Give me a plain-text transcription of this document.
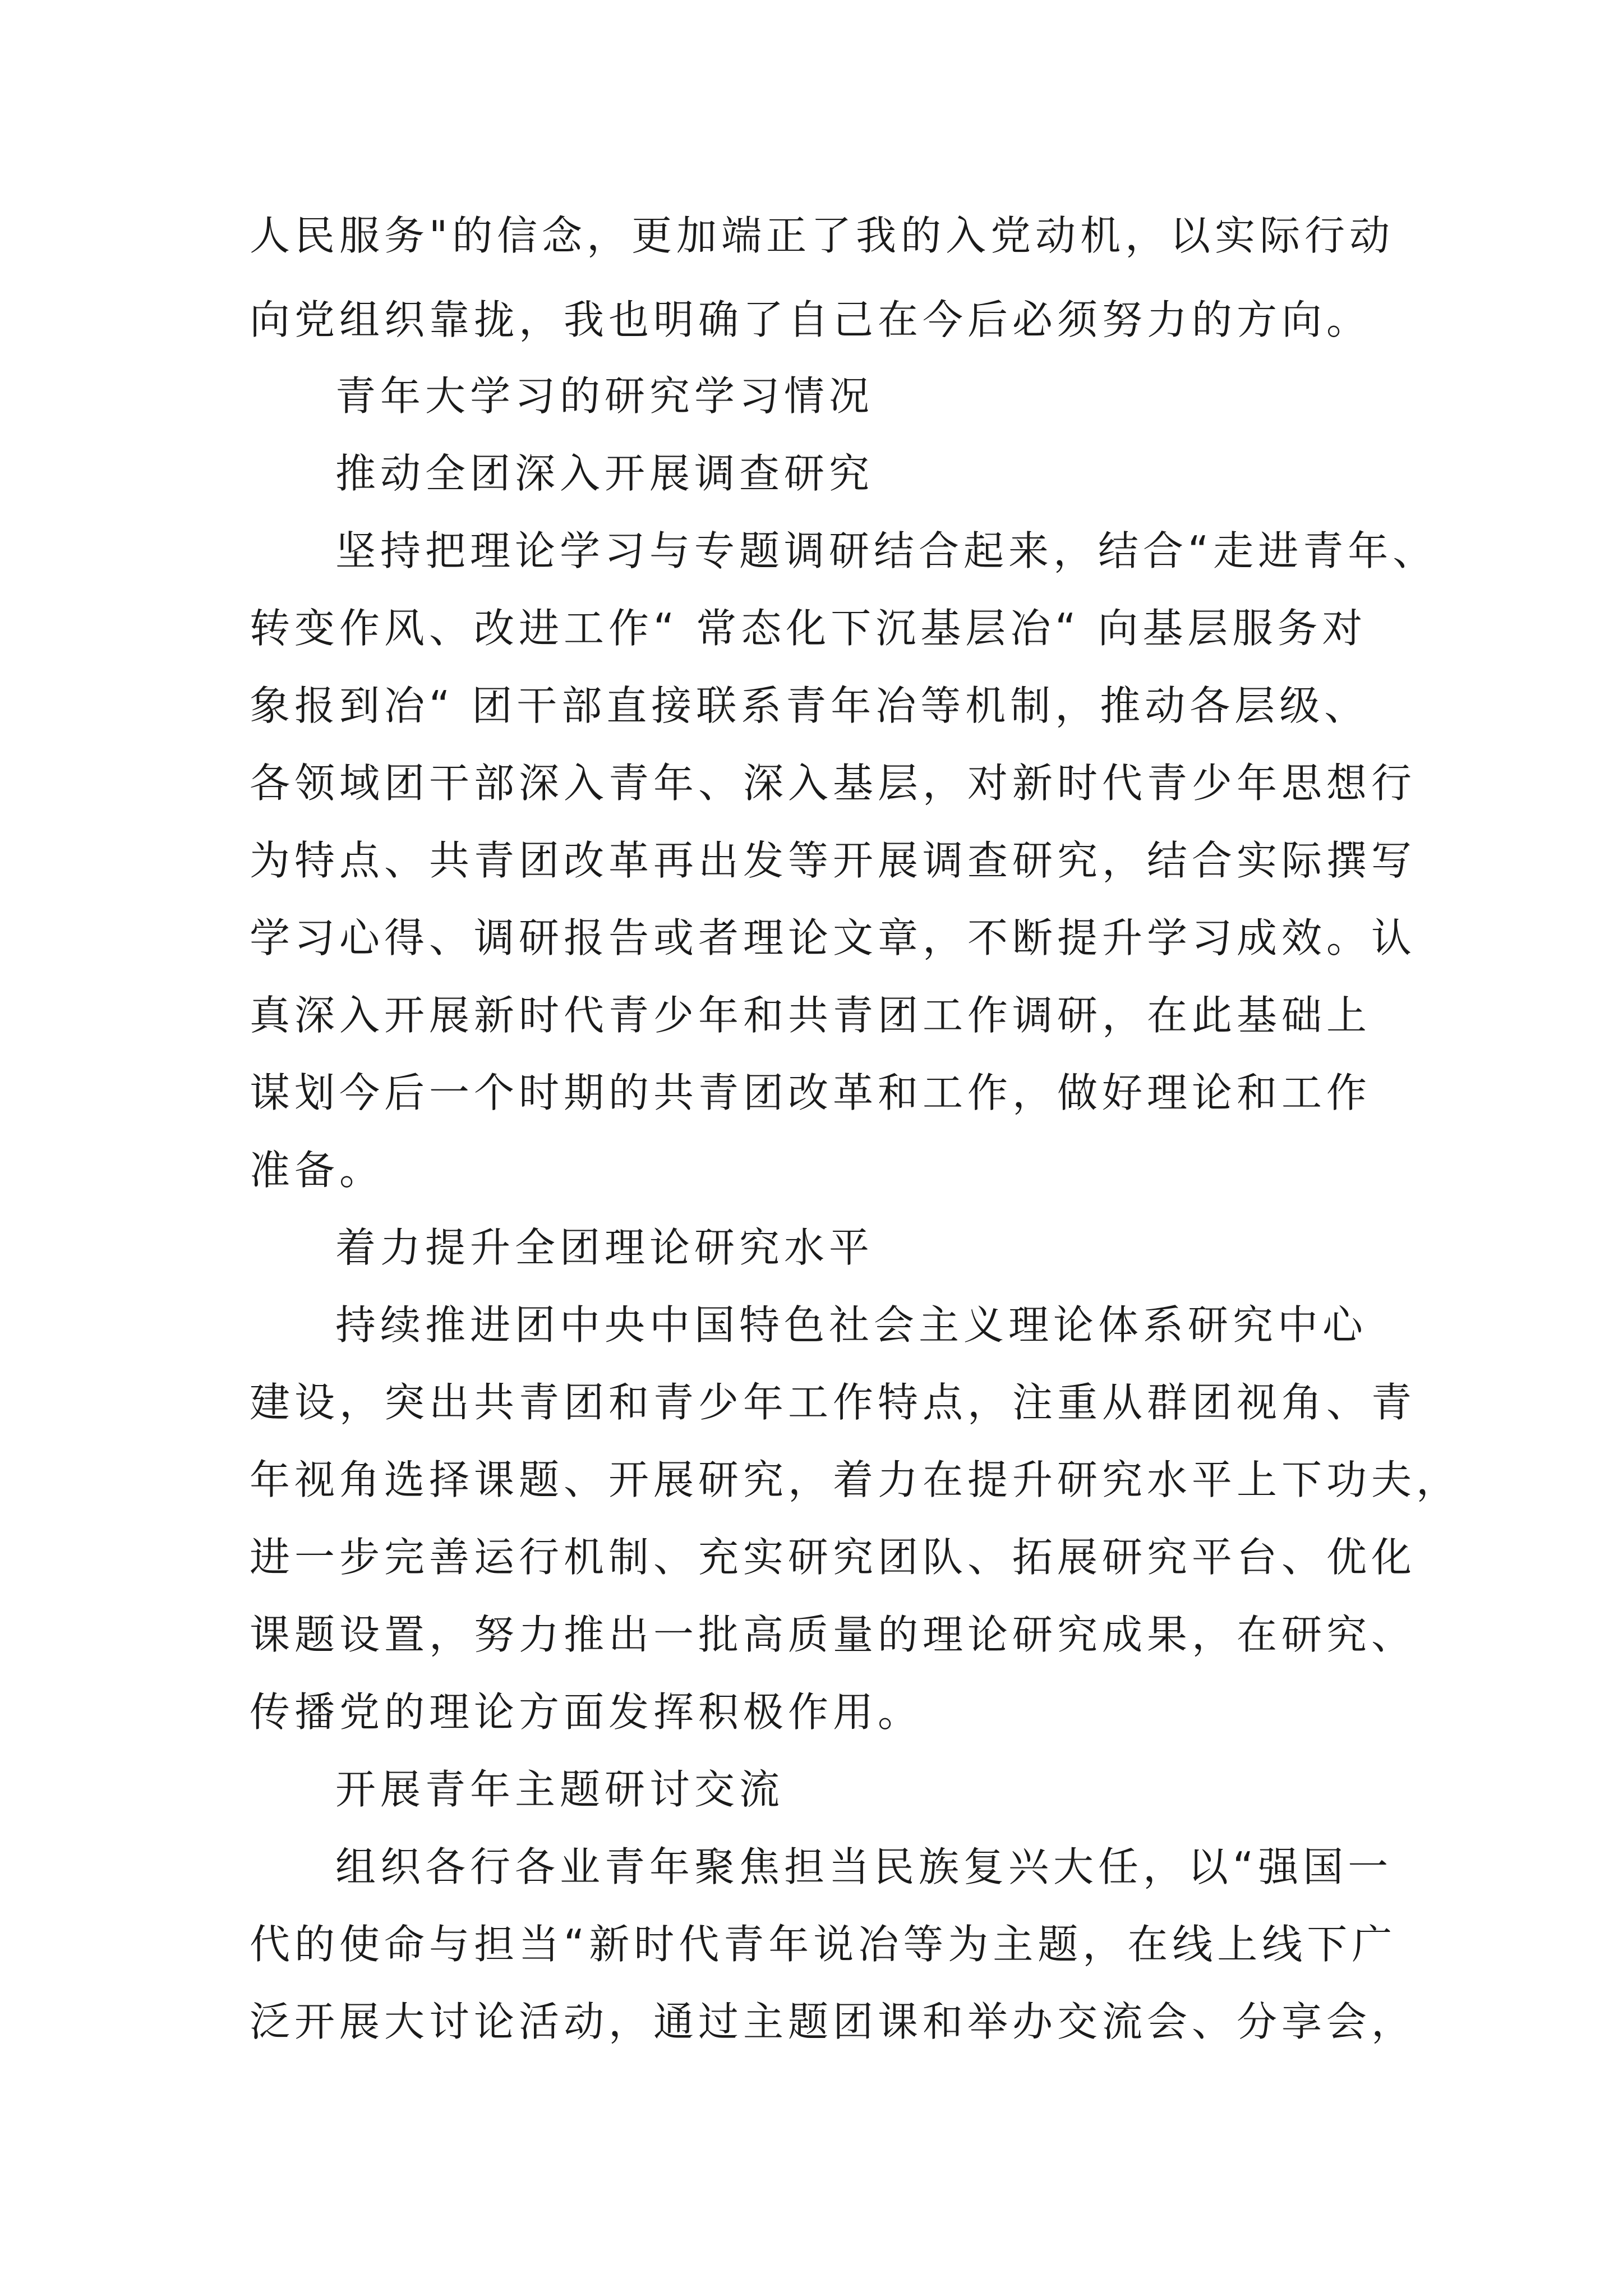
人民服务"的信念，更加端正了我的入党动机，以实际行动
向党组织靠拢，我也明确了自己在今后必须努力的方向。
青年大学习的研究学习情况
推动全团深入开展调查研究
坚持把理论学习与专题调研结合起来，结合“走进青年、
转变作风、改进工作“ 常态化下沉基层冶“ 向基层服务对
象报到冶“ 团干部直接联系青年冶等机制，推动各层级、
各领域团干部深入青年、深入基层，对新时代青少年思想行
为特点、共青团改革再出发等开展调查研究，结合实际撰写
学习心得、调研报告或者理论文章，不断提升学习成效。认
真深入开展新时代青少年和共青团工作调研，在此基础上
谋划今后一个时期的共青团改革和工作，做好理论和工作
准备。
着力提升全团理论研究水平
持续推进团中央中国特色社会主义理论体系研究中心
建设，突出共青团和青少年工作特点，注重从群团视角、青
年视角选择课题、开展研究，着力在提升研究水平上下功夫，
进一步完善运行机制、充实研究团队、拓展研究平台、优化
课题设置，努力推出一批高质量的理论研究成果，在研究、
传播党的理论方面发挥积极作用。
开展青年主题研讨交流
组织各行各业青年聚焦担当民族复兴大任，以“强国一
代的使命与担当“新时代青年说冶等为主题，在线上线下广
泛开展大讨论活动，通过主题团课和举办交流会、分享会，
